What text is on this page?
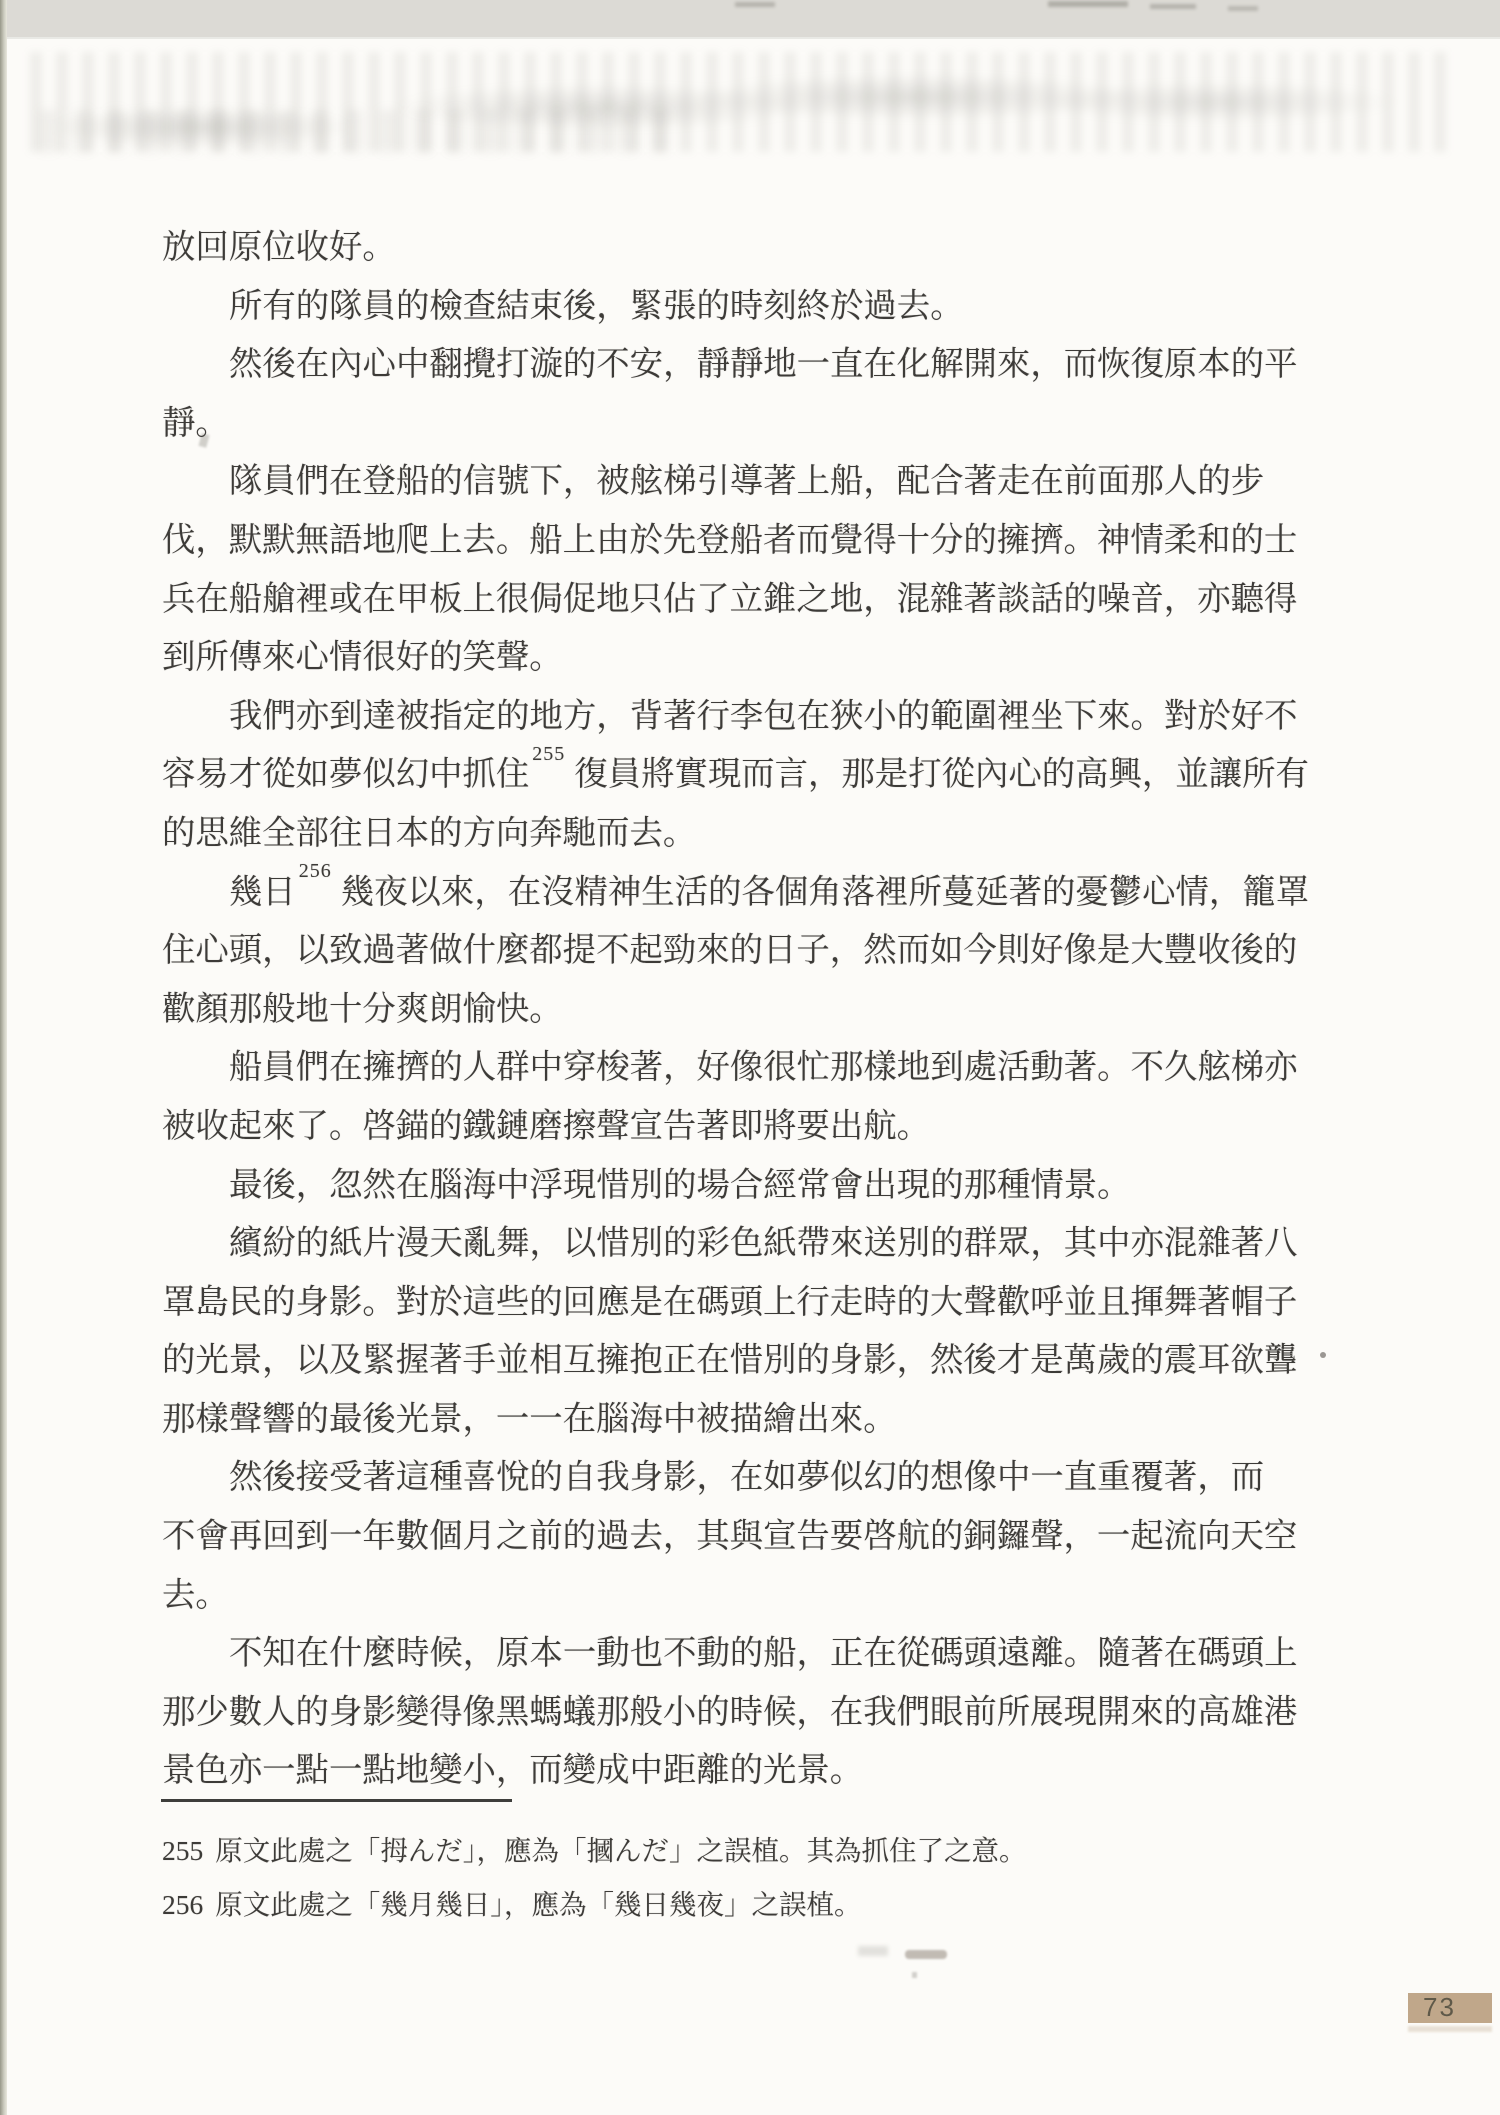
放回原位收好。
所有的隊員的檢查結束後，緊張的時刻終於過去。
然後在內心中翻攪打漩的不安，靜靜地一直在化解開來，而恢復原本的平
靜。
隊員們在登船的信號下，被舷梯引導著上船，配合著走在前面那人的步
伐，默默無語地爬上去。船上由於先登船者而覺得十分的擁擠。神情柔和的士
兵在船艙裡或在甲板上很侷促地只佔了立錐之地，混雜著談話的噪音，亦聽得
到所傳來心情很好的笑聲。
我們亦到達被指定的地方，背著行李包在狹小的範圍裡坐下來。對於好不
容易才從如夢似幻中抓住$^{255}$復員將實現而言，那是打從內心的高興，並讓所有
的思維全部往日本的方向奔馳而去。
幾日$^{256}$幾夜以來，在沒精神生活的各個角落裡所蔓延著的憂鬱心情，籠罩
住心頭，以致過著做什麼都提不起勁來的日子，然而如今則好像是大豐收後的
歡顏那般地十分爽朗愉快。
船員們在擁擠的人群中穿梭著，好像很忙那樣地到處活動著。不久舷梯亦
被收起來了。啓錨的鐵鏈磨擦聲宣告著即將要出航。
最後，忽然在腦海中浮現惜別的場合經常會出現的那種情景。
繽紛的紙片漫天亂舞，以惜別的彩色紙帶來送別的群眾，其中亦混雜著八
罩島民的身影。對於這些的回應是在碼頭上行走時的大聲歡呼並且揮舞著帽子
的光景，以及緊握著手並相互擁抱正在惜別的身影，然後才是萬歲的震耳欲聾
那樣聲響的最後光景，一一在腦海中被描繪出來。
然後接受著這種喜悅的自我身影，在如夢似幻的想像中一直重覆著，而
不會再回到一年數個月之前的過去，其與宣告要啓航的銅鑼聲，一起流向天空
去。
不知在什麼時候，原本一動也不動的船，正在從碼頭遠離。隨著在碼頭上
那少數人的身影變得像黑螞蟻那般小的時候，在我們眼前所展現開來的高雄港
景色亦一點一點地變小，而變成中距離的光景。
255 原文此處之「拇んだ」，應為「摑んだ」之誤植。其為抓住了之意。
256 原文此處之「幾月幾日」，應為「幾日幾夜」之誤植。
73
